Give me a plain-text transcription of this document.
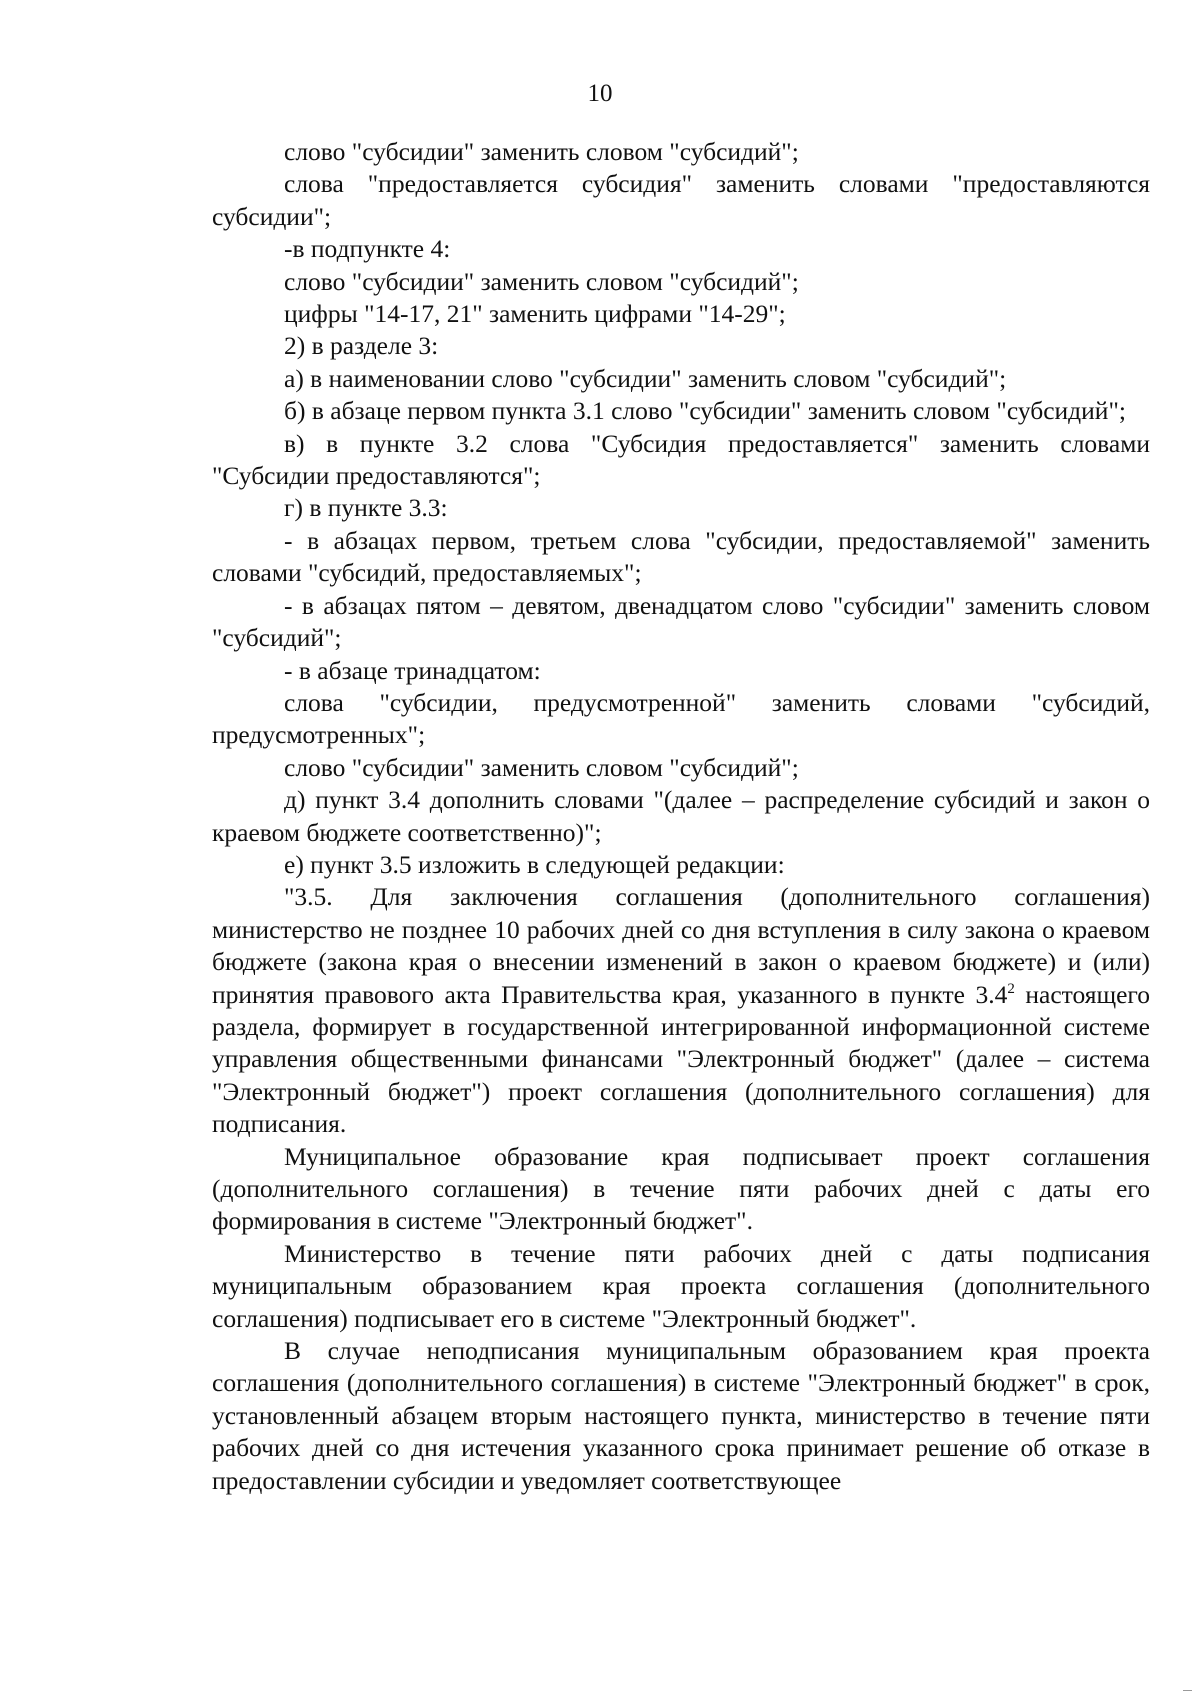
10

слово "субсидии" заменить словом "субсидий";

слова "предоставляется субсидия" заменить словами "предоставляются субсидии";

-в подпункте 4:

слово "субсидии" заменить словом "субсидий";

цифры "14-17, 21" заменить цифрами "14-29";

2) в разделе 3:

а) в наименовании слово "субсидии" заменить словом "субсидий";

б) в абзаце первом пункта 3.1 слово "субсидии" заменить словом "субсидий";

в) в пункте 3.2 слова "Субсидия предоставляется" заменить словами "Субсидии предоставляются";

г) в пункте 3.3:

- в абзацах первом, третьем слова "субсидии, предоставляемой" заменить словами "субсидий, предоставляемых";

- в абзацах пятом – девятом, двенадцатом слово "субсидии" заменить словом "субсидий";

- в абзаце тринадцатом:

слова "субсидии, предусмотренной" заменить словами "субсидий, предусмотренных";

слово "субсидии" заменить словом "субсидий";

д) пункт 3.4 дополнить словами "(далее – распределение субсидий и закон о краевом бюджете соответственно)";

е) пункт 3.5 изложить в следующей редакции:

"3.5. Для заключения соглашения (дополнительного соглашения) министерство не позднее 10 рабочих дней со дня вступления в силу закона о краевом бюджете (закона края о внесении изменений в закон о краевом бюджете) и (или) принятия правового акта Правительства края, указанного в пункте $3.4^2$ настоящего раздела, формирует в государственной интегрированной информационной системе управления общественными финансами "Электронный бюджет" (далее – система "Электронный бюджет") проект соглашения (дополнительного соглашения) для подписания.

Муниципальное образование края подписывает проект соглашения (дополнительного соглашения) в течение пяти рабочих дней с даты его формирования в системе "Электронный бюджет".

Министерство в течение пяти рабочих дней с даты подписания муниципальным образованием края проекта соглашения (дополнительного соглашения) подписывает его в системе "Электронный бюджет".

В случае неподписания муниципальным образованием края проекта соглашения (дополнительного соглашения) в системе "Электронный бюджет" в срок, установленный абзацем вторым настоящего пункта, министерство в течение пяти рабочих дней со дня истечения указанного срока принимает решение об отказе в предоставлении субсидии и уведомляет соответствующее
